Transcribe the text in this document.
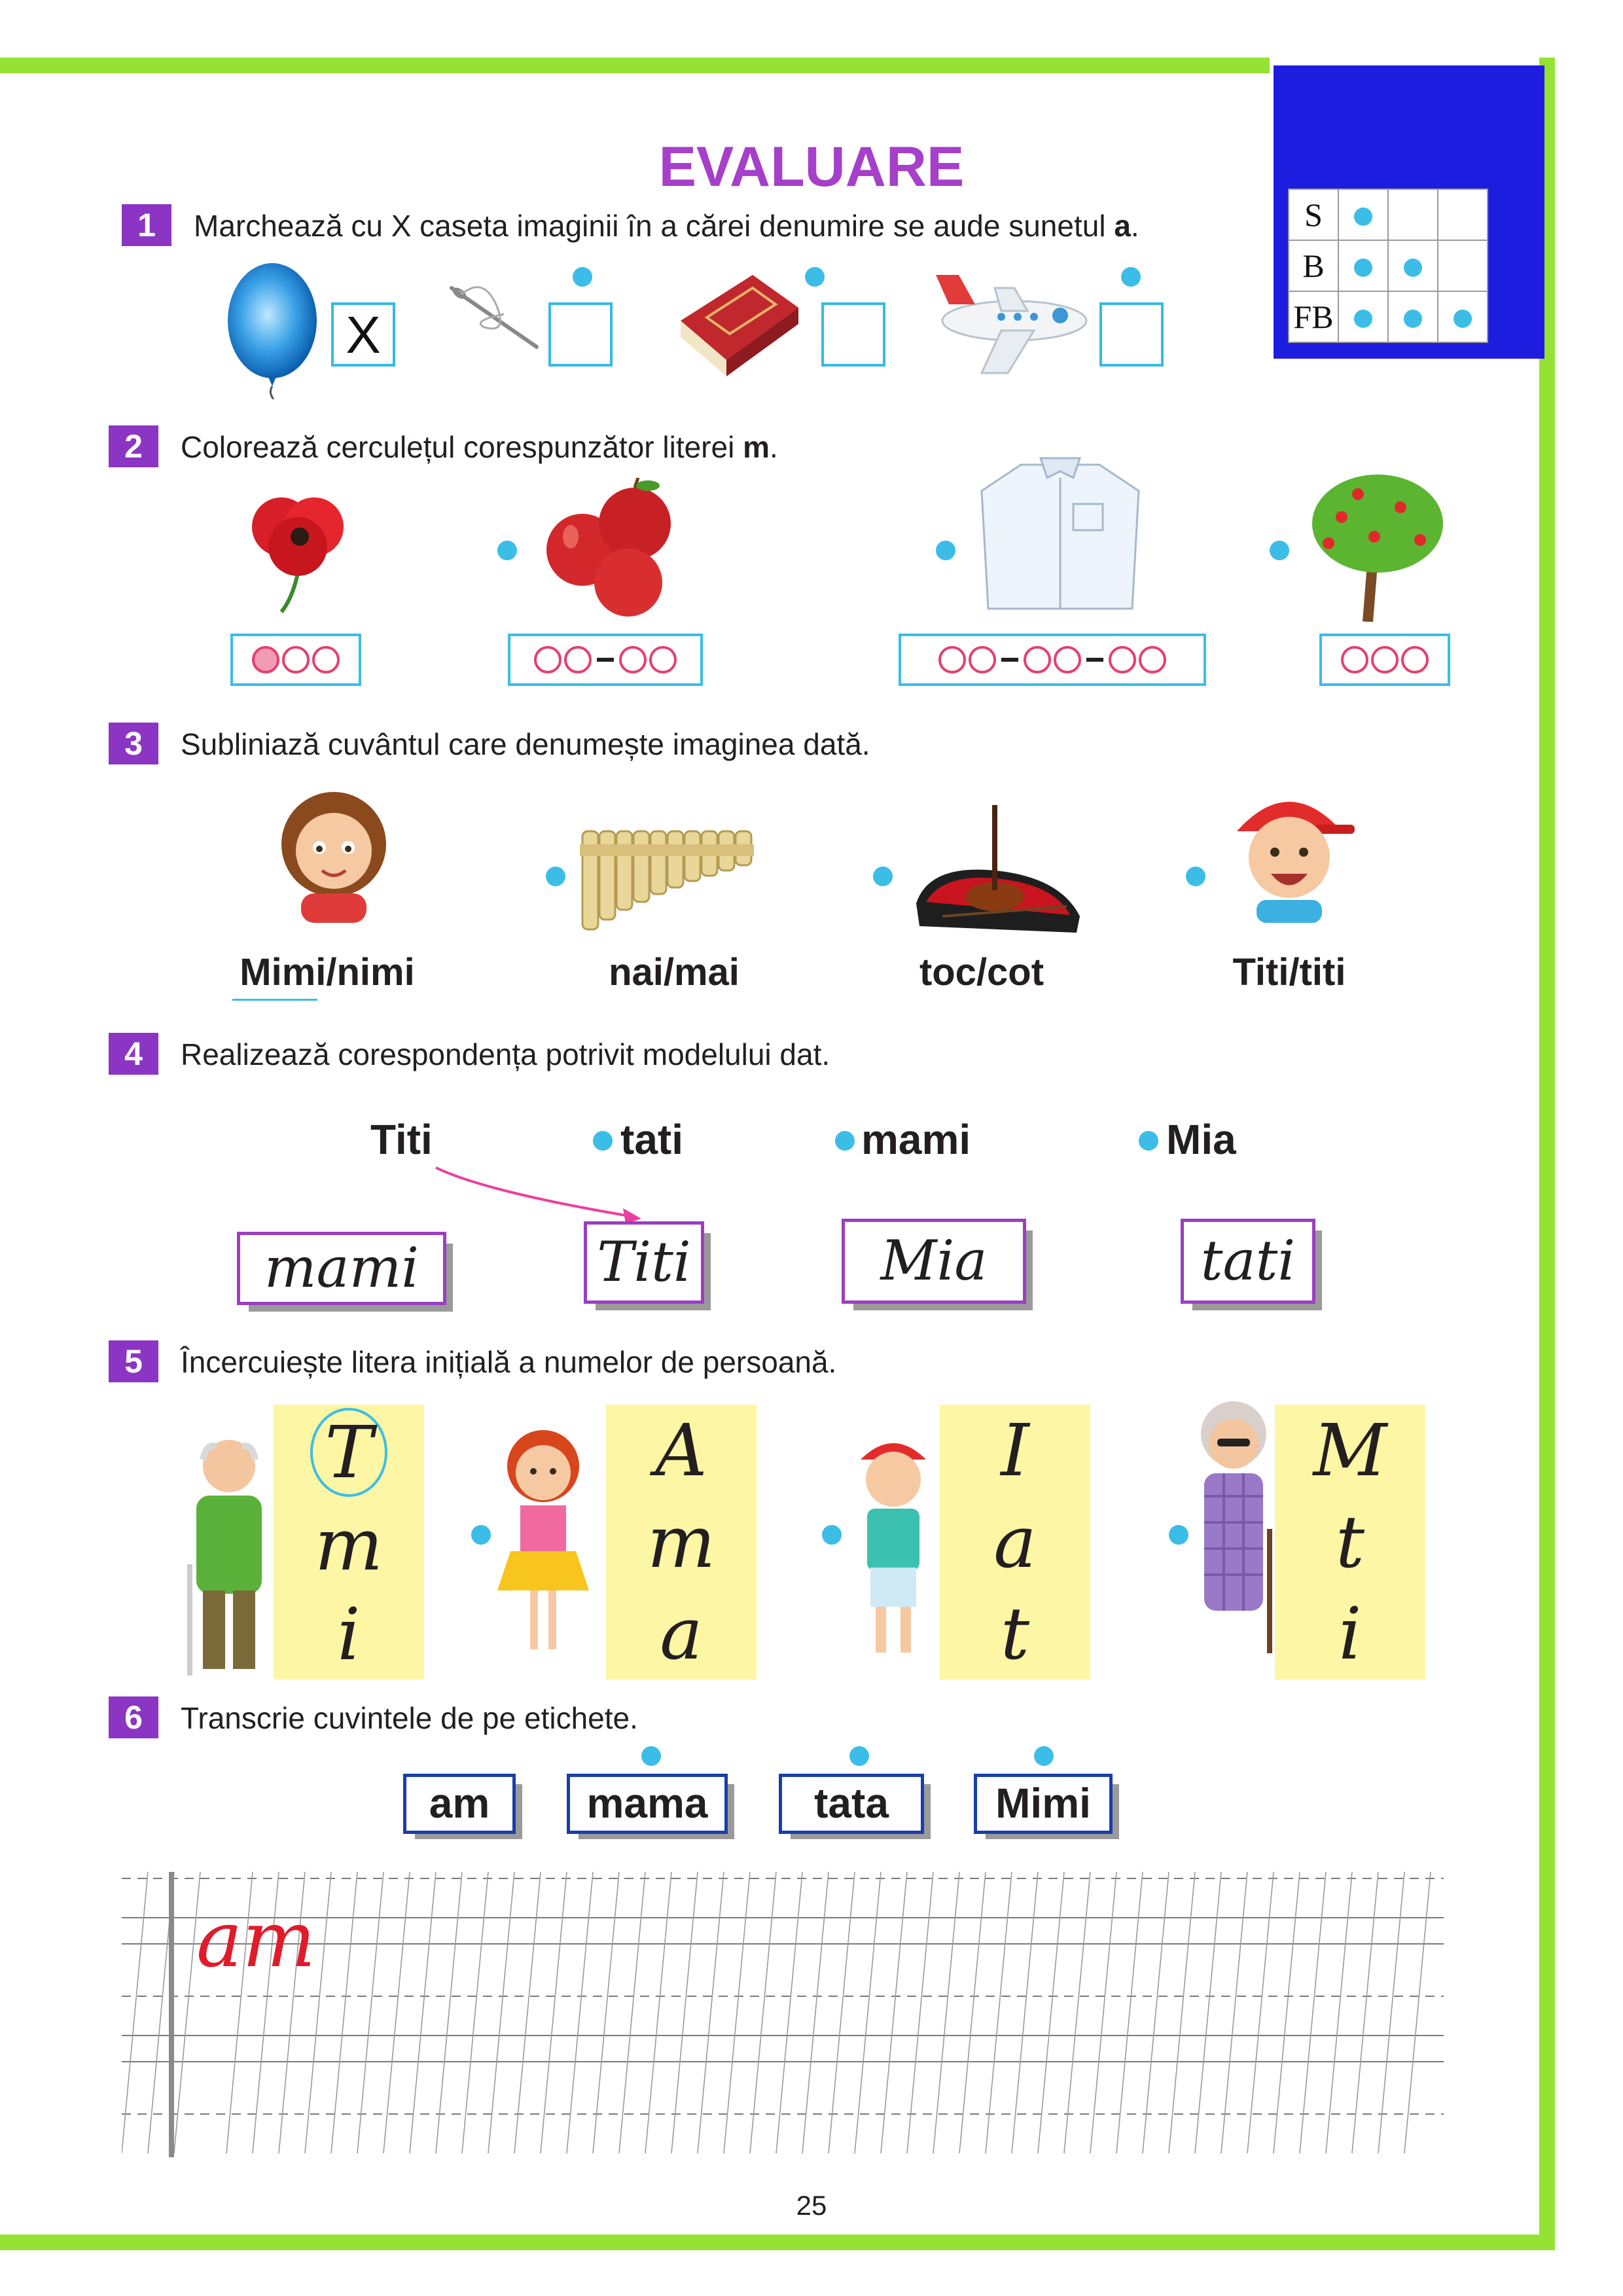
S			
B			
FB			
EVALUARE
1	Marchează cu X caseta imaginii în a cărei denumire se aude sunetul a.
X
2	Colorează cerculețul corespunzător literei m.
3	Subliniază cuvântul care denumește imaginea dată.
Mimi/nimi	nai/mai	toc/cot	Titi/titi
4	Realizează corespondența potrivit modelului dat.
Titi	tati	mami	Mia
mami	Titi	Mia	tati
5	Încercuiește litera inițială a numelor de persoană.
T
m
i
A
m
a
I
a
t
M
t
i
6	Transcrie cuvintele de pe etichete.
am	mama	tata	Mimi
am
25
